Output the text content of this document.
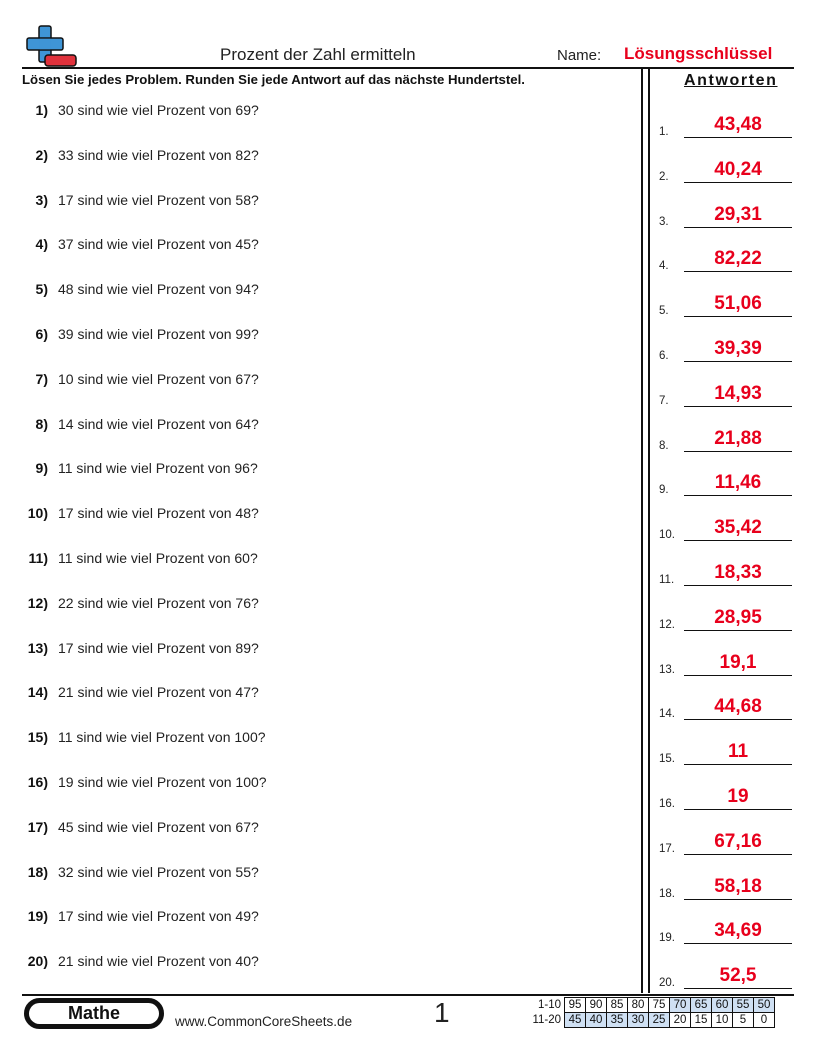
Prozent der Zahl ermitteln	Name: Lösungsschlüssel
Lösen Sie jedes Problem. Runden Sie jede Antwort auf das nächste Hundertstel.	Antworten
1) 30 sind wie viel Prozent von 69?
2) 33 sind wie viel Prozent von 82?
3) 17 sind wie viel Prozent von 58?
4) 37 sind wie viel Prozent von 45?
5) 48 sind wie viel Prozent von 94?
6) 39 sind wie viel Prozent von 99?
7) 10 sind wie viel Prozent von 67?
8) 14 sind wie viel Prozent von 64?
9) 11 sind wie viel Prozent von 96?
10) 17 sind wie viel Prozent von 48?
11) 11 sind wie viel Prozent von 60?
12) 22 sind wie viel Prozent von 76?
13) 17 sind wie viel Prozent von 89?
14) 21 sind wie viel Prozent von 47?
15) 11 sind wie viel Prozent von 100?
16) 19 sind wie viel Prozent von 100?
17) 45 sind wie viel Prozent von 67?
18) 32 sind wie viel Prozent von 55?
19) 17 sind wie viel Prozent von 49?
20) 21 sind wie viel Prozent von 40?
1.	43,48
2.	40,24
3.	29,31
4.	82,22
5.	51,06
6.	39,39
7.	14,93
8.	21,88
9.	11,46
10.	35,42
11.	18,33
12.	28,95
13.	19,1
14.	44,68
15.	11
16.	19
17.	67,16
18.	58,18
19.	34,69
20.	52,5
Mathe	www.CommonCoreSheets.de	1	1-10	95	90	85	80	75	70	65	60	55	50
11-20	45	40	35	30	25	20	15	10	5	0
